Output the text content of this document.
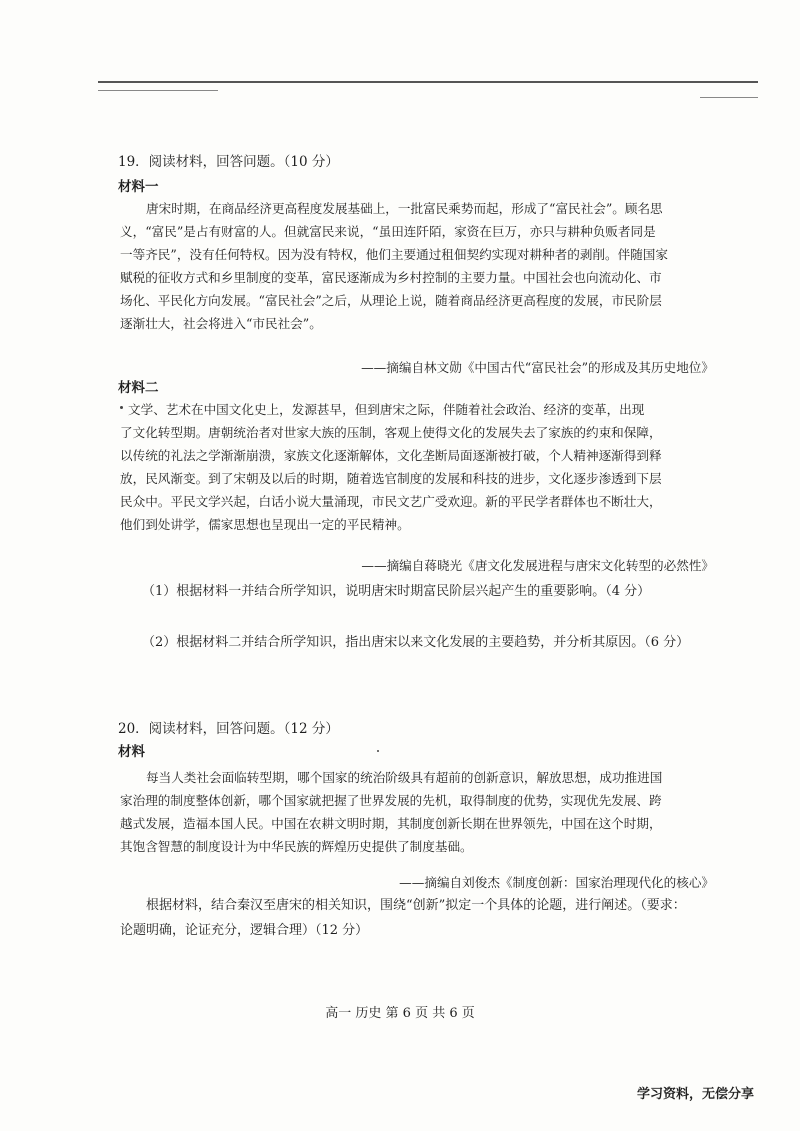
19．阅读材料，回答问题。（10 分）
材料一
唐宋时期，在商品经济更高程度发展基础上，一批富民乘势而起，形成了“富民社会”。顾名思
义，“富民”是占有财富的人。但就富民来说，“虽田连阡陌，家资在巨万，亦只与耕种负贩者同是
一等齐民”，没有任何特权。因为没有特权，他们主要通过租佃契约实现对耕种者的剥削。伴随国家
赋税的征收方式和乡里制度的变革，富民逐渐成为乡村控制的主要力量。中国社会也向流动化、市
场化、平民化方向发展。“富民社会”之后，从理论上说，随着商品经济更高程度的发展，市民阶层
逐渐壮大，社会将进入“市民社会”。
——摘编自林文勋《中国古代“富民社会”的形成及其历史地位》
材料二
文学、艺术在中国文化史上，发源甚早，但到唐宋之际，伴随着社会政治、经济的变革，出现
了文化转型期。唐朝统治者对世家大族的压制，客观上使得文化的发展失去了家族的约束和保障，
以传统的礼法之学渐渐崩溃，家族文化逐渐解体，文化垄断局面逐渐被打破，个人精神逐渐得到释
放，民风渐变。到了宋朝及以后的时期，随着选官制度的发展和科技的进步，文化逐步渗透到下层
民众中。平民文学兴起，白话小说大量涌现，市民文艺广受欢迎。新的平民学者群体也不断壮大，
他们到处讲学，儒家思想也呈现出一定的平民精神。
——摘编自蒋晓光《唐文化发展进程与唐宋文化转型的必然性》
（1）根据材料一并结合所学知识，说明唐宋时期富民阶层兴起产生的重要影响。（4 分）
（2）根据材料二并结合所学知识，指出唐宋以来文化发展的主要趋势，并分析其原因。（6 分）
20．阅读材料，回答问题。（12 分）
材料
每当人类社会面临转型期，哪个国家的统治阶级具有超前的创新意识，解放思想，成功推进国
家治理的制度整体创新，哪个国家就把握了世界发展的先机，取得制度的优势，实现优先发展、跨
越式发展，造福本国人民。中国在农耕文明时期，其制度创新长期在世界领先，中国在这个时期，
其饱含智慧的制度设计为中华民族的辉煌历史提供了制度基础。
——摘编自刘俊杰《制度创新：国家治理现代化的核心》
根据材料，结合秦汉至唐宋的相关知识，围绕“创新”拟定一个具体的论题，进行阐述。（要求：
论题明确，论证充分，逻辑合理）（12 分）
高一 历史 第 6 页 共 6 页
学习资料，无偿分享
